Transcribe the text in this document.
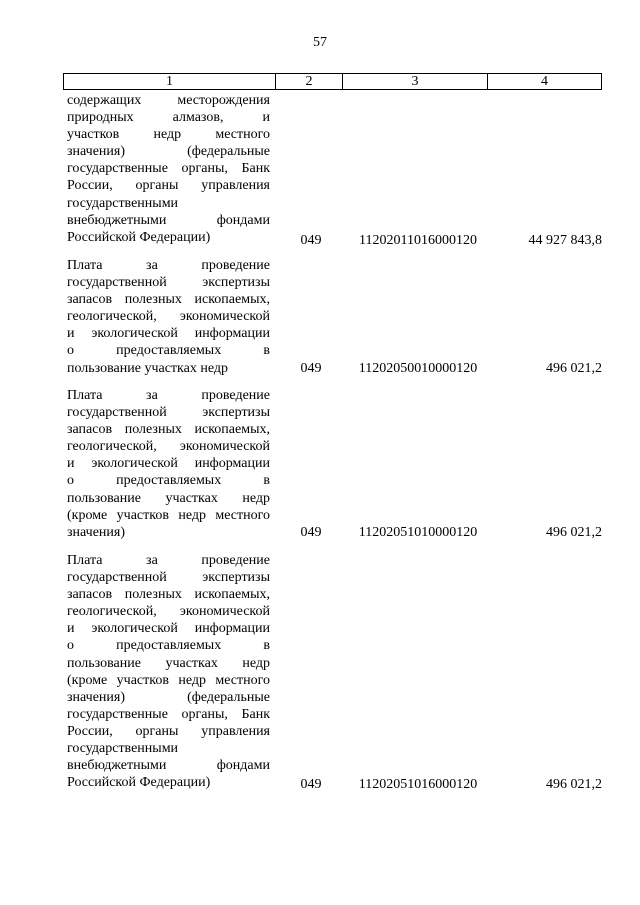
57
1	2	3	4
содержащих месторождения
природных алмазов, и
участков недр местного
значения) (федеральные
государственные органы, Банк
России, органы управления
государственными
внебюджетными фондами
Российской Федерации)	049	11202011016000120	44 927 843,8
Плата за проведение
государственной экспертизы
запасов полезных ископаемых,
геологической, экономической
и экологической информации
о предоставляемых в
пользование участках недр	049	11202050010000120	496 021,2
Плата за проведение
государственной экспертизы
запасов полезных ископаемых,
геологической, экономической
и экологической информации
о предоставляемых в
пользование участках недр
(кроме участков недр местного
значения)	049	11202051010000120	496 021,2
Плата за проведение
государственной экспертизы
запасов полезных ископаемых,
геологической, экономической
и экологической информации
о предоставляемых в
пользование участках недр
(кроме участков недр местного
значения) (федеральные
государственные органы, Банк
России, органы управления
государственными
внебюджетными фондами
Российской Федерации)	049	11202051016000120	496 021,2
